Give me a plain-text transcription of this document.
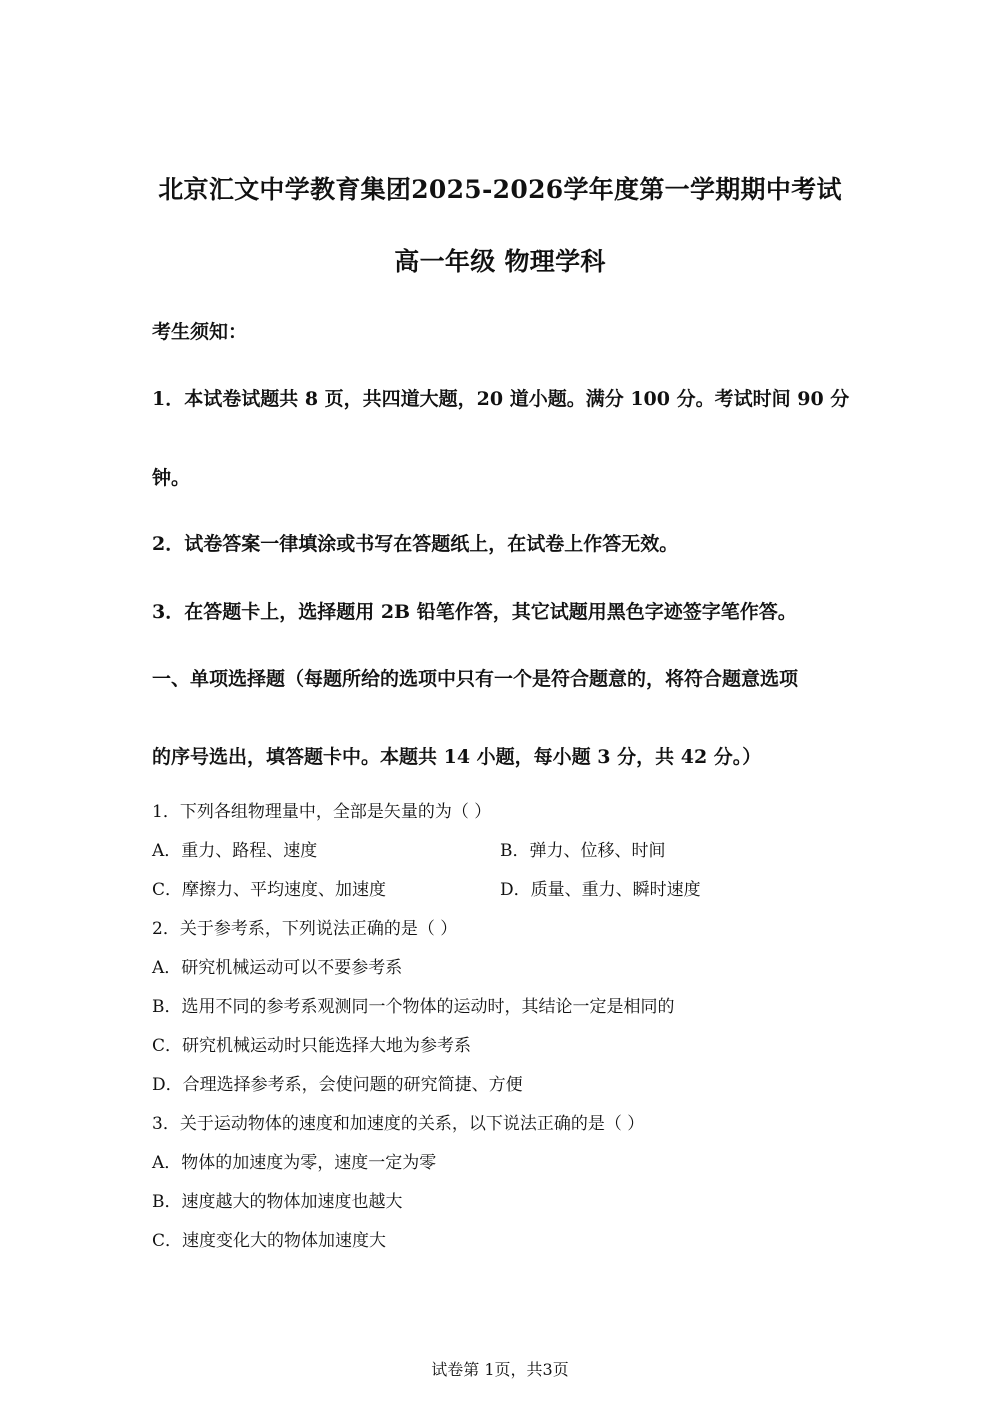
北京汇文中学教育集团2025-2026学年度第一学期期中考试
高一年级 物理学科
考生须知：
1．本试卷试题共 8 页，共四道大题，20 道小题。满分 100 分。考试时间 90 分
钟。
2．试卷答案一律填涂或书写在答题纸上，在试卷上作答无效。
3．在答题卡上，选择题用 2B 铅笔作答，其它试题用黑色字迹签字笔作答。
一、单项选择题（每题所给的选项中只有一个是符合题意的，将符合题意选项
的序号选出，填答题卡中。本题共 14 小题，每小题 3 分，共 42 分。）
1．下列各组物理量中，全部是矢量的为（ ）
A．重力、路程、速度	B．弹力、位移、时间
C．摩擦力、平均速度、加速度	D．质量、重力、瞬时速度
2．关于参考系，下列说法正确的是（ ）
A．研究机械运动可以不要参考系
B．选用不同的参考系观测同一个物体的运动时，其结论一定是相同的
C．研究机械运动时只能选择大地为参考系
D．合理选择参考系，会使问题的研究简捷、方便
3．关于运动物体的速度和加速度的关系，以下说法正确的是（ ）
A．物体的加速度为零，速度一定为零
B．速度越大的物体加速度也越大
C．速度变化大的物体加速度大
试卷第 1页，共3页
